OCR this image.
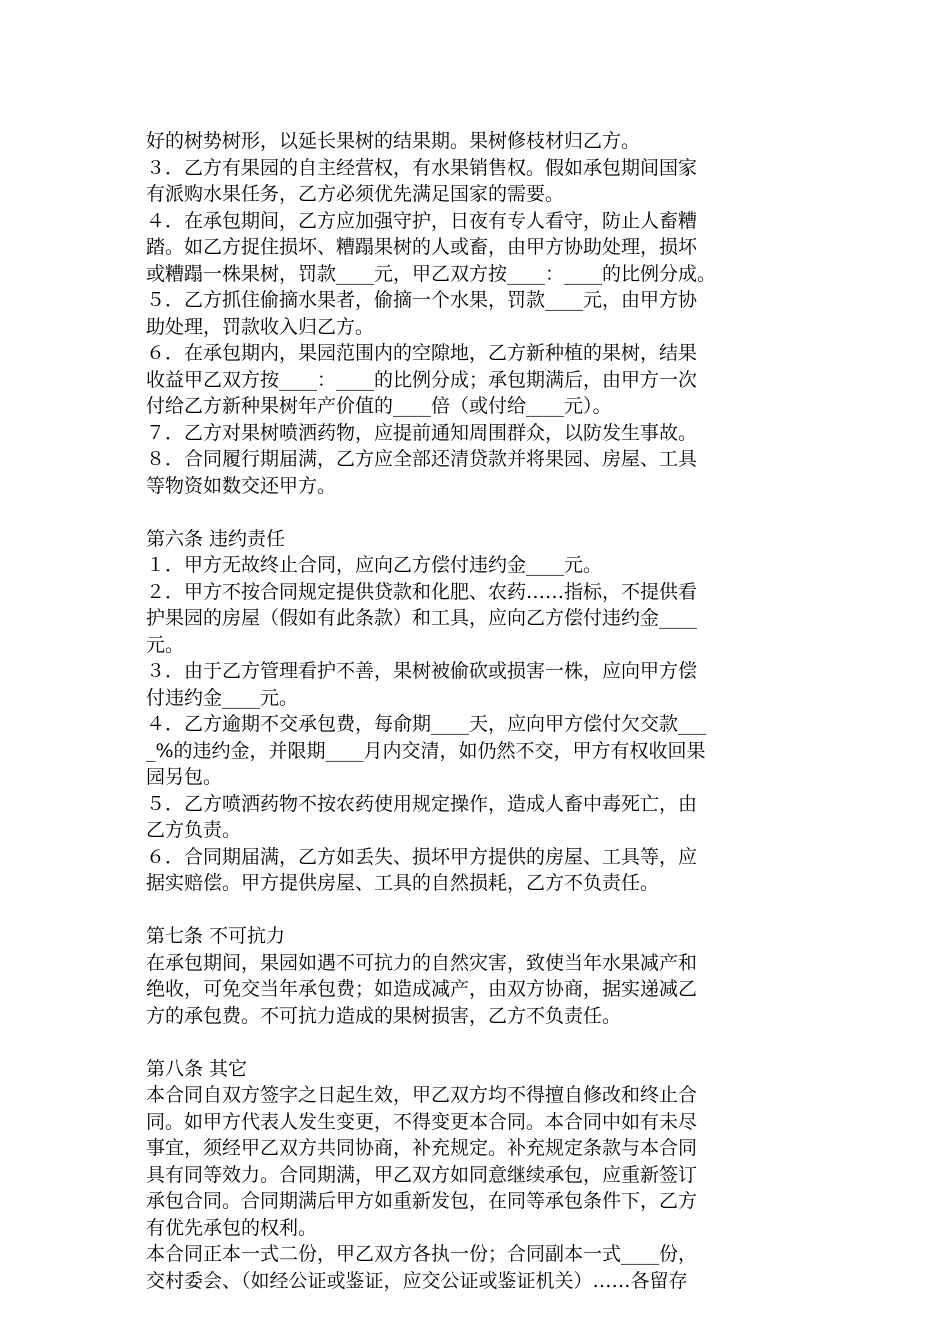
好的树势树形，以延长果树的结果期。果树修枝材归乙方。

３．乙方有果园的自主经营权，有水果销售权。假如承包期间国家

有派购水果任务，乙方必须优先满足国家的需要。

４．在承包期间，乙方应加强守护，日夜有专人看守，防止人畜糟

踏。如乙方捉住损坏、糟蹋果树的人或畜，由甲方协助处理，损坏

或糟蹋一株果树，罚款____元，甲乙双方按____：____的比例分成。

５．乙方抓住偷摘水果者，偷摘一个水果，罚款____元，由甲方协

助处理，罚款收入归乙方。

６．在承包期内，果园范围内的空隙地，乙方新种植的果树，结果

收益甲乙双方按____：____的比例分成；承包期满后，由甲方一次

付给乙方新种果树年产价值的____倍（或付给____元）。

７．乙方对果树喷洒药物，应提前通知周围群众，以防发生事故。

８．合同履行期届满，乙方应全部还清贷款并将果园、房屋、工具

等物资如数交还甲方。

第六条 违约责任

１．甲方无故终止合同，应向乙方偿付违约金____元。

２．甲方不按合同规定提供贷款和化肥、农药……指标，不提供看

护果园的房屋（假如有此条款）和工具，应向乙方偿付违约金____

元。

３．由于乙方管理看护不善，果树被偷砍或损害一株，应向甲方偿

付违约金____元。

４．乙方逾期不交承包费，每俞期____天，应向甲方偿付欠交款___

_%的违约金，并限期____月内交清，如仍然不交，甲方有权收回果

园另包。

５．乙方喷洒药物不按农药使用规定操作，造成人畜中毒死亡，由

乙方负责。

６．合同期届满，乙方如丢失、损坏甲方提供的房屋、工具等，应

据实赔偿。甲方提供房屋、工具的自然损耗，乙方不负责任。

第七条 不可抗力

在承包期间，果园如遇不可抗力的自然灾害，致使当年水果减产和

绝收，可免交当年承包费；如造成减产，由双方协商，据实递减乙

方的承包费。不可抗力造成的果树损害，乙方不负责任。

第八条 其它

本合同自双方签字之日起生效，甲乙双方均不得擅自修改和终止合

同。如甲方代表人发生变更，不得变更本合同。本合同中如有未尽

事宜，须经甲乙双方共同协商，补充规定。补充规定条款与本合同

具有同等效力。合同期满，甲乙双方如同意继续承包，应重新签订

承包合同。合同期满后甲方如重新发包，在同等承包条件下，乙方

有优先承包的权利。

本合同正本一式二份，甲乙双方各执一份；合同副本一式____份，

交村委会、（如经公证或鉴证，应交公证或鉴证机关）……各留存
